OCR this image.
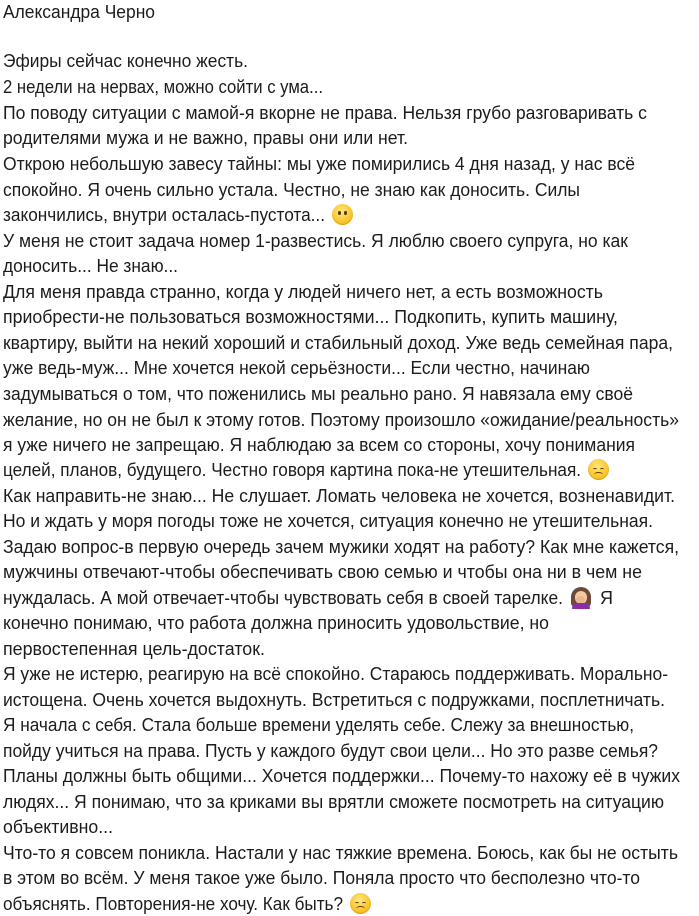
Александра Черно
Эфиры сейчас конечно жесть.
2 недели на нервах, можно сойти с ума...
По поводу ситуации с мамой-я вкорне не права. Нельзя грубо разговаривать с
родителями мужа и не важно, правы они или нет.
Открою небольшую завесу тайны: мы уже помирились 4 дня назад, у нас всё
спокойно. Я очень сильно устала. Честно, не знаю как доносить. Силы
закончились, внутри осталась-пустота...
У меня не стоит задача номер 1-развестись. Я люблю своего супруга, но как
доносить... Не знаю...
Для меня правда странно, когда у людей ничего нет, а есть возможность
приобрести-не пользоваться возможностями... Подкопить, купить машину,
квартиру, выйти на некий хороший и стабильный доход. Уже ведь семейная пара,
уже ведь-муж... Мне хочется некой серьёзности... Если честно, начинаю
задумываться о том, что поженились мы реально рано. Я навязала ему своё
желание, но он не был к этому готов. Поэтому произошло «ожидание/реальность»
я уже ничего не запрещаю. Я наблюдаю за всем со стороны, хочу понимания
целей, планов, будущего. Честно говоря картина пока-не утешительная.
Как направить-не знаю... Не слушает. Ломать человека не хочется, возненавидит.
Но и ждать у моря погоды тоже не хочется, ситуация конечно не утешительная.
Задаю вопрос-в первую очередь зачем мужики ходят на работу? Как мне кажется,
мужчины отвечают-чтобы обеспечивать свою семью и чтобы она ни в чем не
нуждалась. А мой отвечает-чтобы чувствовать себя в своей тарелке. Я
конечно понимаю, что работа должна приносить удовольствие, но
первостепенная цель-достаток.
Я уже не истерю, реагирую на всё спокойно. Стараюсь поддерживать. Морально-
истощена. Очень хочется выдохнуть. Встретиться с подружками, посплетничать.
Я начала с себя. Стала больше времени уделять себе. Слежу за внешностью,
пойду учиться на права. Пусть у каждого будут свои цели... Но это разве семья?
Планы должны быть общими... Хочется поддержки... Почему-то нахожу её в чужих
людях... Я понимаю, что за криками вы врятли сможете посмотреть на ситуацию
объективно...
Что-то я совсем поникла. Настали у нас тяжкие времена. Боюсь, как бы не остыть
в этом во всём. У меня такое уже было. Поняла просто что бесполезно что-то
объяснять. Повторения-не хочу. Как быть?
